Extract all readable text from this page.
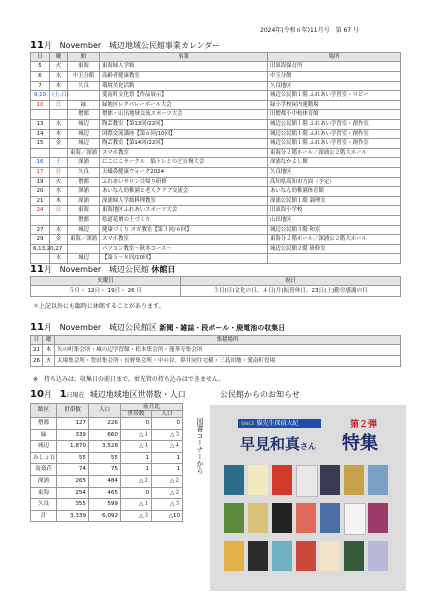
2024年(令和６年)11月号　第 67 号
11月 November 城辺地域公民館事業カレンダー
日	曜	館	事業	場所
5	火	東海	東海婦人学級	旧東海保育所
6	水	中玉分館	高齢者健康教室	中玉分館
7	木	久良	環境美化活動	久良地区
9,10	(土,日)		愛南町文化祭【作品展示】	城辺公民館１階 ふれあい学習室・ロビー
10	日	緑	緑地区レクバレーボール大会	緑小学校屋内運動場
		僧都	僧都・山出地域交流スポーツ大会	旧僧都小中校体育館
13	水	城辺	陶芸教室【第13回/22回】	城辺公民館１階 ふれあい学習室・創作室
14	木	城辺	国際交流講座【第６回/10回】	城辺公民館１階 ふれあい学習室・創作室
15	金	城辺	陶芸教室【第14回/22回】	城辺公民館１階 ふれあい学習室・創作室
		東海／深浦	スマホ教室	東海分２階ホール／深浦公２階大ホール
16	土	深浦	にこにこサークル　脳トレとのど自慢大会	深浦なかよし館
17	日	久良	天蟻鼻健康ウォーク2024	久良地区
19	火	僧都	ふれあいサロン日帰り研修	高知県高知市方面（予定）
20	水	深浦	あいなん幼稚園と老人クラブ交流会	あいなん幼稚園体育館
21	木	深浦	深浦婦人学級料理教室	深浦公民館１階 調理室
24	日	東海	東海地区ふれあいスポーツ大会	旧東海小学校
		僧都	県道花壇の土づくり	山出地区
27	水	城辺	健康づくり ヨガ教室【第３回/６回】	城辺公民館３階 和室
29	金	東海／深浦	スマホ教室	東海分２階ホール／深浦公２階大ホール
6,13,20,27			パソコン教室～秋冬コース～	城辺公民館２階 研修室
	水	城辺	【第５～８回/10回】	
11月 November 城辺公民館 休館日
火曜日	祝日
５日・ 12日・ 19日・ 26 日	３日(日)文化の日、４日(月)振替休日、23日(土)勤労感謝の日
＊上記以外にも臨時に休館することがあります。
11月 November 城辺公民館区 新聞・雑誌・段ボール・廃電池の収集日
日	曜	集積場所
21	木	矢の町集会所・城の辺学習館・松本集会所・蓮華寺集会所
26	火	太場集会所・豊田集会所・長野集会所・中の谷、鼻井同住宅横・三島団地・愛南町役場
※　持ち込みは、収集日の前日まで。蛍光管の持ち込みはできません。
10月 1日現在 城辺地域地区世帯数・人口
館区	世帯数	人口	前月比	
			世帯数	人口
僧都	127	226	0	0
緑	339	660	△１	△３
城辺	1,870	3,528	△１	△４
みしょ在	55	55	1	1
南楽荘	74	75	1	1
深浦	265	484	△２	△２
東海	254	465	0	△２
久良	355	599	△１	△３
計	3,339	6,092	△３	△10
公民館からのお知らせ
図書コーナーから	SINCE 猫先生探偵大紀
早見和真さん
第２弾
特集
